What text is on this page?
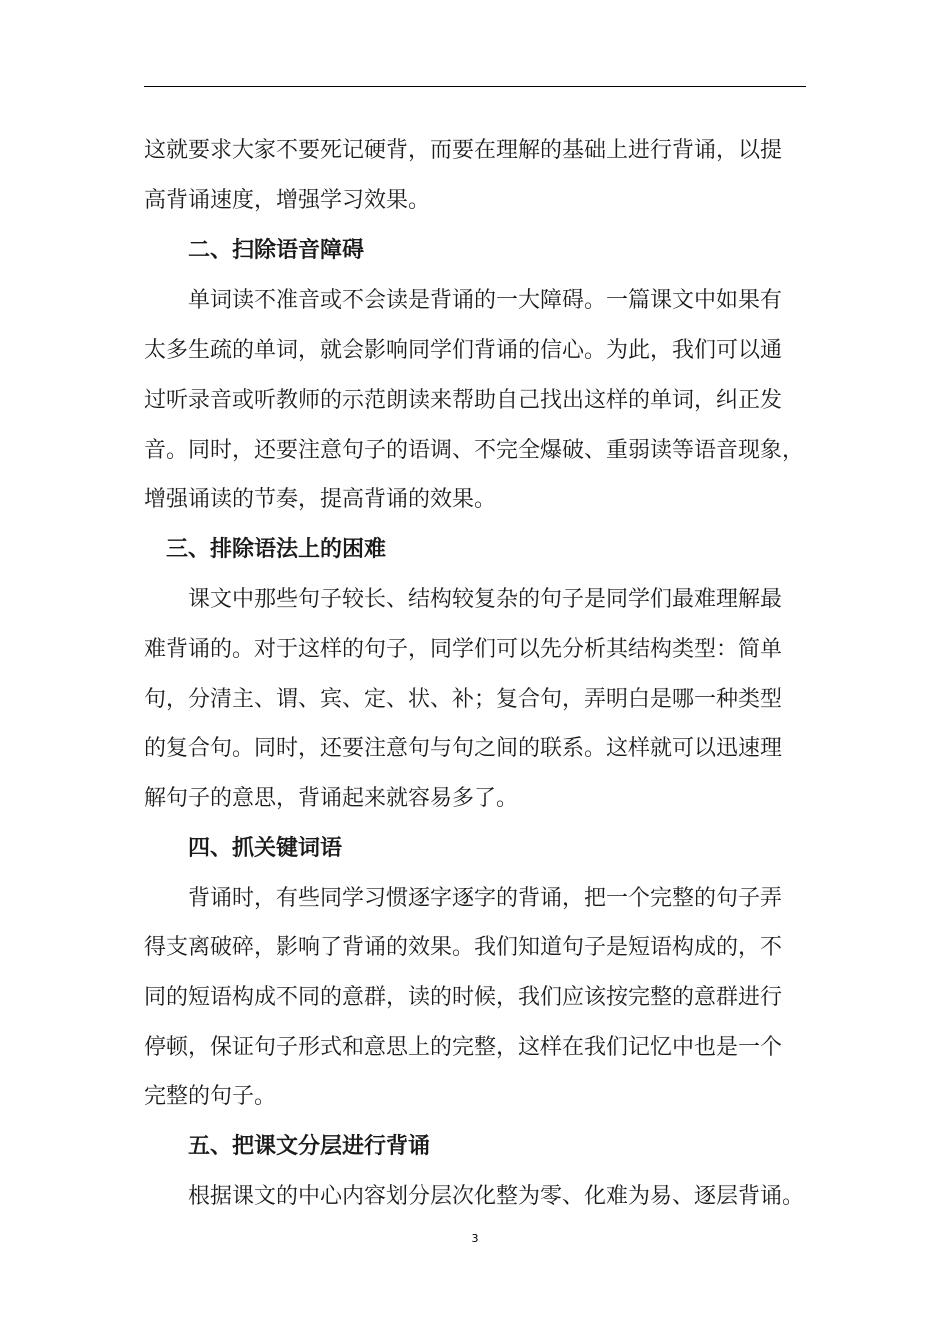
这就要求大家不要死记硬背，而要在理解的基础上进行背诵，以提
高背诵速度，增强学习效果。
二、扫除语音障碍
单词读不准音或不会读是背诵的一大障碍。一篇课文中如果有
太多生疏的单词，就会影响同学们背诵的信心。为此，我们可以通
过听录音或听教师的示范朗读来帮助自己找出这样的单词，纠正发
音。同时，还要注意句子的语调、不完全爆破、重弱读等语音现象，
增强诵读的节奏，提高背诵的效果。
三、排除语法上的困难
课文中那些句子较长、结构较复杂的句子是同学们最难理解最
难背诵的。对于这样的句子，同学们可以先分析其结构类型：简单
句，分清主、谓、宾、定、状、补；复合句，弄明白是哪一种类型
的复合句。同时，还要注意句与句之间的联系。这样就可以迅速理
解句子的意思，背诵起来就容易多了。
四、抓关键词语
背诵时，有些同学习惯逐字逐字的背诵，把一个完整的句子弄
得支离破碎，影响了背诵的效果。我们知道句子是短语构成的，不
同的短语构成不同的意群，读的时候，我们应该按完整的意群进行
停顿，保证句子形式和意思上的完整，这样在我们记忆中也是一个
完整的句子。
五、把课文分层进行背诵
根据课文的中心内容划分层次化整为零、化难为易、逐层背诵。
3
